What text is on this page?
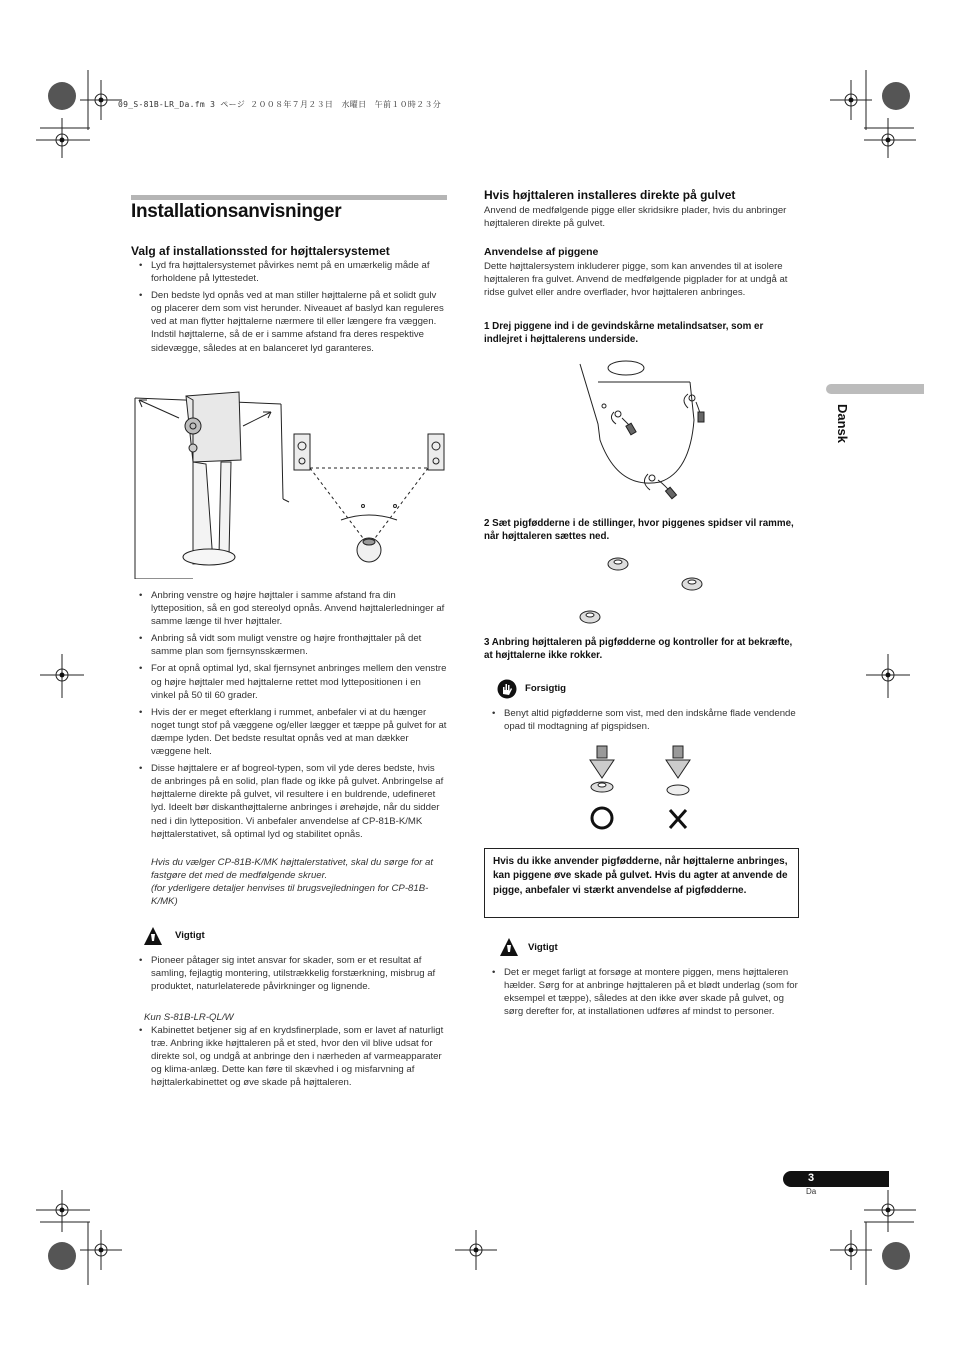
09_S-81B-LR_Da.fm 3 ページ ２００８年７月２３日　水曜日　午前１０時２３分
Installationsanvisninger
Valg af installationssted for højttalersystemet
• Lyd fra højttalersystemet påvirkes nemt på en umærkelig måde af forholdene på lyttestedet.
• Den bedste lyd opnås ved at man stiller højttalerne på et solidt gulv og placerer dem som vist herunder. Niveauet af baslyd kan reguleres ved at man flytter højttalerne nærmere til eller længere fra væggen. Indstil højttalerne, så de er i samme afstand fra deres respektive sidevægge, således at en balanceret lyd garanteres.
• Anbring venstre og højre højttaler i samme afstand fra din lytteposition, så en god stereolyd opnås. Anvend højttalerledninger af samme længe til hver højttaler.
• Anbring så vidt som muligt venstre og højre fronthøjttaler på det samme plan som fjernsynsskærmen.
• For at opnå optimal lyd, skal fjernsynet anbringes mellem den venstre og højre højttaler med højttalerne rettet mod lyttepositionen i en vinkel på 50 til 60 grader.
• Hvis der er meget efterklang i rummet, anbefaler vi at du hænger noget tungt stof på væggene og/eller lægger et tæppe på gulvet for at dæmpe lyden. Det bedste resultat opnås ved at man dækker væggene helt.
• Disse højttalere er af bogreol-typen, som vil yde deres bedste, hvis de anbringes på en solid, plan flade og ikke på gulvet. Anbringelse af højttalerne direkte på gulvet, vil resultere i en buldrende, udefineret lyd. Ideelt bør diskanthøjttalerne anbringes i ørehøjde, når du sidder ned i din lytteposition. Vi anbefaler anvendelse af CP-81B-K/MK højttalerstativet, så optimal lyd og stabilitet opnås.
Hvis du vælger CP-81B-K/MK højttalerstativet, skal du sørge for at fastgøre det med de medfølgende skruer.
(for yderligere detaljer henvises til brugsvejledningen for CP-81B-K/MK)
Vigtigt
• Pioneer påtager sig intet ansvar for skader, som er et resultat af samling, fejlagtig montering, utilstrækkelig forstærkning, misbrug af produktet, naturlelaterede påvirkninger og lignende.
Kun S-81B-LR-QL/W
• Kabinettet betjener sig af en krydsfinerplade, som er lavet af naturligt træ. Anbring ikke højttaleren på et sted, hvor den vil blive udsat for direkte sol, og undgå at anbringe den i nærheden af varmeapparater og klima-anlæg. Dette kan føre til skævhed i og misfarvning af højttalerkabinettet og øve skade på højttaleren.
Hvis højttaleren installeres direkte på gulvet
Anvend de medfølgende pigge eller skridsikre plader, hvis du anbringer højttaleren direkte på gulvet.
Anvendelse af piggene
Dette højttalersystem inkluderer pigge, som kan anvendes til at isolere højttaleren fra gulvet. Anvend de medfølgende pigplader for at undgå at ridse gulvet eller andre overflader, hvor højttaleren anbringes.
1 Drej piggene ind i de gevindskårne metalindsatser, som er indlejret i højttalerens underside.
2 Sæt pigfødderne i de stillinger, hvor piggenes spidser vil ramme, når højttaleren sættes ned.
3 Anbring højttaleren på pigfødderne og kontroller for at bekræfte, at højttalerne ikke rokker.
Forsigtig
• Benyt altid pigfødderne som vist, med den indskårne flade vendende opad til modtagning af pigspidsen.
Hvis du ikke anvender pigfødderne, når højttalerne anbringes, kan piggene øve skade på gulvet. Hvis du agter at anvende de pigge, anbefaler vi stærkt anvendelse af pigfødderne.
Vigtigt
• Det er meget farligt at forsøge at montere piggen, mens højttaleren hælder. Sørg for at anbringe højttaleren på et blødt underlag (som for eksempel et tæppe), således at den ikke øver skade på gulvet, og sørg derefter for, at installationen udføres af mindst to personer.
Dansk
3
Da
